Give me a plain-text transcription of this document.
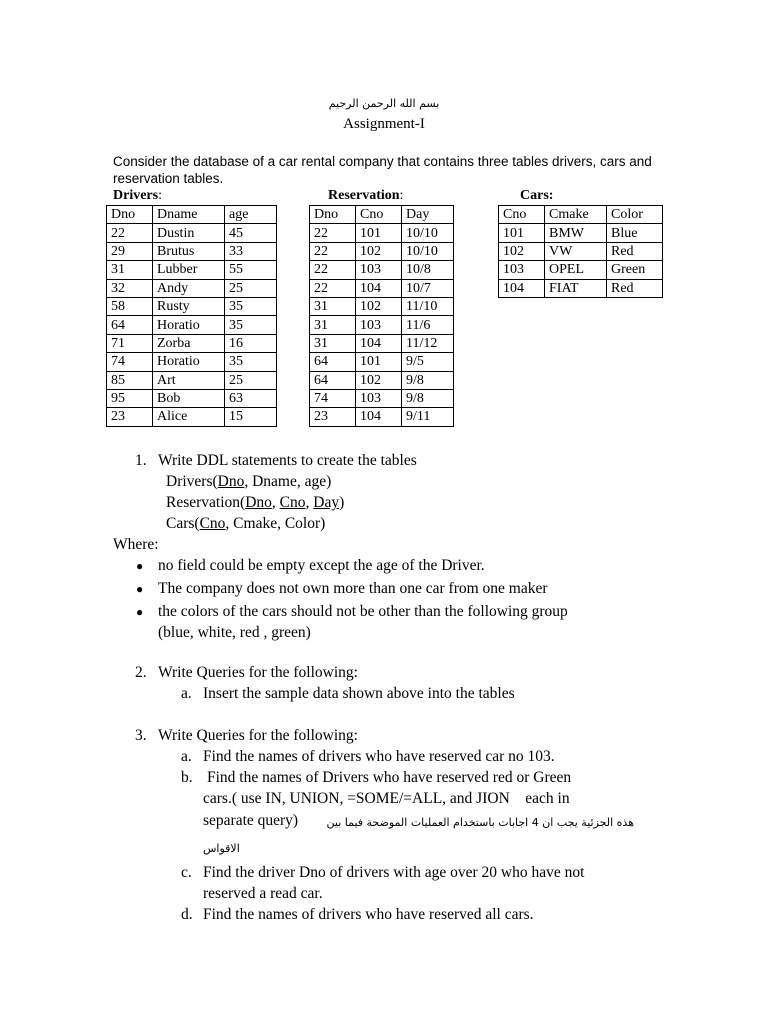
بسم الله الرحمن الرحيم
Assignment-I
Consider the database of a car rental company that contains three tables drivers, cars and reservation tables.
Drivers:	Reservation:	Cars:
Dno	Dname	age
22	Dustin	45
29	Brutus	33
31	Lubber	55
32	Andy	25
58	Rusty	35
64	Horatio	35
71	Zorba	16
74	Horatio	35
85	Art	25
95	Bob	63
23	Alice	15
Dno	Cno	Day
22	101	10/10
22	102	10/10
22	103	10/8
22	104	10/7
31	102	11/10
31	103	11/6
31	104	11/12
64	101	9/5
64	102	9/8
74	103	9/8
23	104	9/11
Cno	Cmake	Color
101	BMW	Blue
102	VW	Red
103	OPEL	Green
104	FIAT	Red
1. Write DDL statements to create the tables
Drivers(Dno, Dname, age)
Reservation(Dno, Cno, Day)
Cars(Cno, Cmake, Color)
Where:
● no field could be empty except the age of the Driver.
● The company does not own more than one car from one maker
● the colors of the cars should not be other than the following group
(blue, white, red , green)
2. Write Queries for the following:
a. Insert the sample data shown above into the tables
3. Write Queries for the following:
a. Find the names of drivers who have reserved car no 103.
b. Find the names of Drivers who have reserved red or Green
cars.( use IN, UNION, =SOME/=ALL, and JION    each in
separate query)	هذه الجزئية يجب ان 4 اجابات باستخدام العمليات الموضحة فيما بين
الاقواس
c. Find the driver Dno of drivers with age over 20 who have not
reserved a read car.
d. Find the names of drivers who have reserved all cars.
